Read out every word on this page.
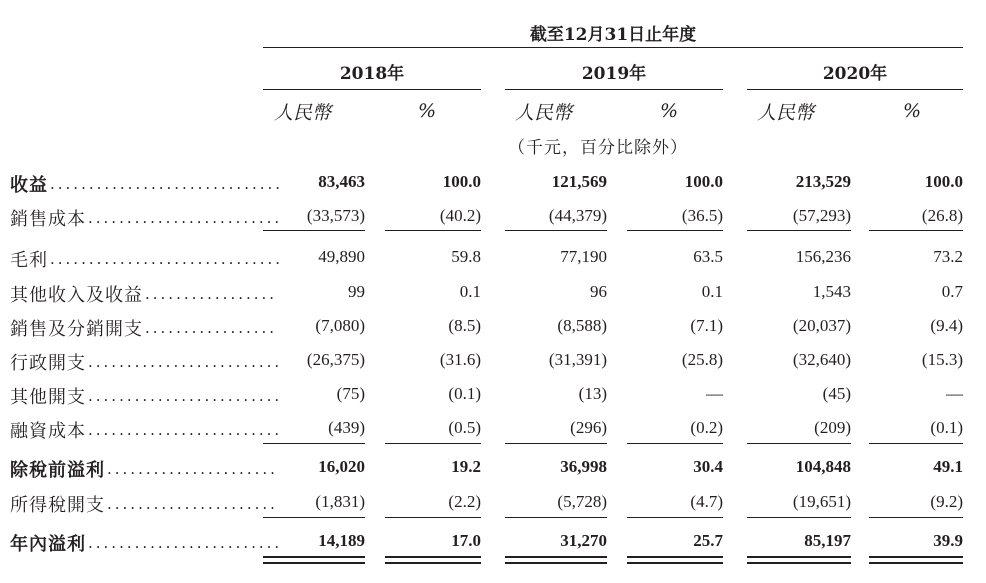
截至12月31日止年度
2018年	2019年	2020年
人民幣	%	人民幣	%	人民幣	%
（千元，百分比除外）
收益 .............................. 83,463	100.0	121,569	100.0	213,529	100.0
銷售成本 ......................... (33,573)	(40.2)	(44,379)	(36.5)	(57,293)	(26.8)
毛利 .............................. 49,890	59.8	77,190	63.5	156,236	73.2
其他收入及收益 .................	99	0.1	96	0.1	1,543	0.7
銷售及分銷開支 ................. (7,080)	(8.5)	(8,588)	(7.1)	(20,037)	(9.4)
行政開支 ......................... (26,375)	(31.6)	(31,391)	(25.8)	(32,640)	(15.3)
其他開支 .........................	(75)	(0.1)	(13)	—	(45)	—
融資成本 .........................	(439)	(0.5)	(296)	(0.2)	(209)	(0.1)
除稅前溢利 ...................... 16,020	19.2	36,998	30.4	104,848	49.1
所得稅開支 ...................... (1,831)	(2.2)	(5,728)	(4.7)	(19,651)	(9.2)
年內溢利 ......................... 14,189	17.0	31,270	25.7	85,197	39.9
